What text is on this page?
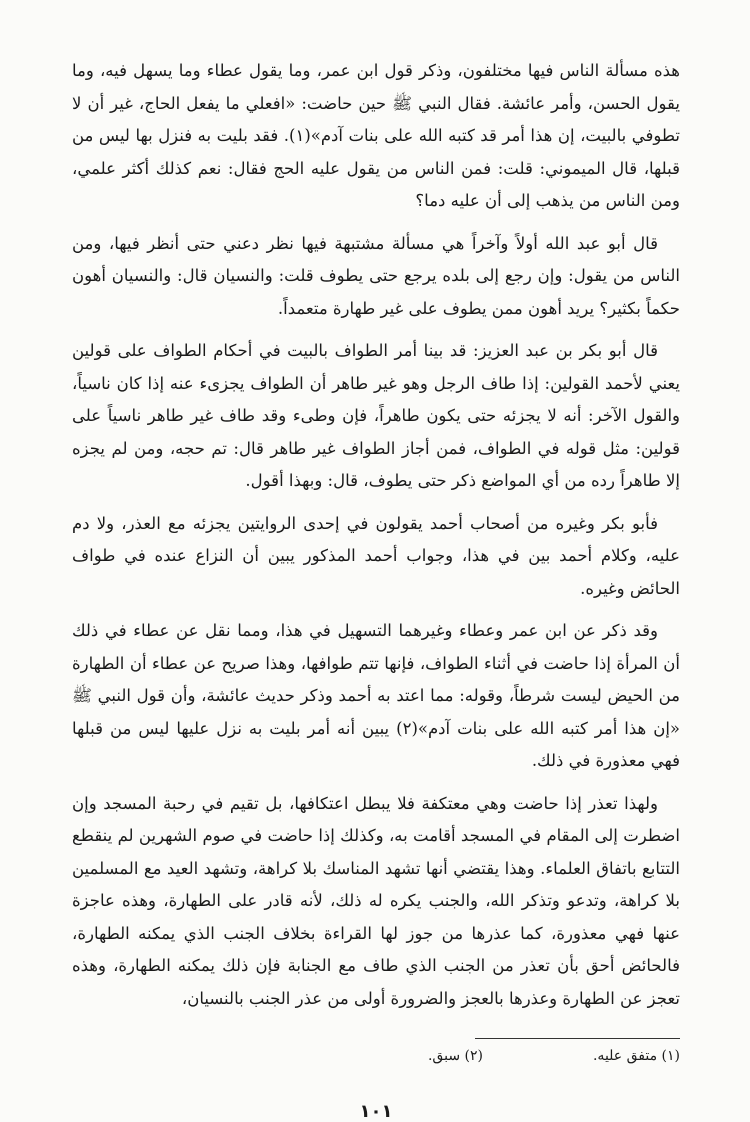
هذه مسألة الناس فيها مختلفون، وذكر قول ابن عمر، وما يقول عطاء وما يسهل فيه، وما يقول الحسن، وأمر عائشة. فقال النبي ﷺ حين حاضت: «افعلي ما يفعل الحاج، غير أن لا تطوفي بالبيت، إن هذا أمر قد كتبه الله على بنات آدم»(١). فقد بليت به فنزل بها ليس من قبلها، قال الميموني: قلت: فمن الناس من يقول عليه الحج فقال: نعم كذلك أكثر علمي، ومن الناس من يذهب إلى أن عليه دما؟

قال أبو عبد الله أولاً وآخراً هي مسألة مشتبهة فيها نظر دعني حتى أنظر فيها، ومن الناس من يقول: وإن رجع إلى بلده يرجع حتى يطوف قلت: والنسيان قال: والنسيان أهون حكماً بكثير؟ يريد أهون ممن يطوف على غير طهارة متعمداً.

قال أبو بكر بن عبد العزيز: قد بينا أمر الطواف بالبيت في أحكام الطواف على قولين يعني لأحمد القولين: إذا طاف الرجل وهو غير طاهر أن الطواف يجزىء عنه إذا كان ناسياً، والقول الآخر: أنه لا يجزئه حتى يكون طاهراً، فإن وطىء وقد طاف غير طاهر ناسياً على قولين: مثل قوله في الطواف، فمن أجاز الطواف غير طاهر قال: تم حجه، ومن لم يجزه إلا طاهراً رده من أي المواضع ذكر حتى يطوف، قال: وبهذا أقول.

فأبو بكر وغيره من أصحاب أحمد يقولون في إحدى الروايتين يجزئه مع العذر، ولا دم عليه، وكلام أحمد بين في هذا، وجواب أحمد المذكور يبين أن النزاع عنده في طواف الحائض وغيره.

وقد ذكر عن ابن عمر وعطاء وغيرهما التسهيل في هذا، ومما نقل عن عطاء في ذلك أن المرأة إذا حاضت في أثناء الطواف، فإنها تتم طوافها، وهذا صريح عن عطاء أن الطهارة من الحيض ليست شرطاً، وقوله: مما اعتد به أحمد وذكر حديث عائشة، وأن قول النبي ﷺ «إن هذا أمر كتبه الله على بنات آدم»(٢) يبين أنه أمر بليت به نزل عليها ليس من قبلها فهي معذورة في ذلك.

ولهذا تعذر إذا حاضت وهي معتكفة فلا يبطل اعتكافها، بل تقيم في رحبة المسجد وإن اضطرت إلى المقام في المسجد أقامت به، وكذلك إذا حاضت في صوم الشهرين لم ينقطع التتابع باتفاق العلماء. وهذا يقتضي أنها تشهد المناسك بلا كراهة، وتشهد العيد مع المسلمين بلا كراهة، وتدعو وتذكر الله، والجنب يكره له ذلك، لأنه قادر على الطهارة، وهذه عاجزة عنها فهي معذورة، كما عذرها من جوز لها القراءة بخلاف الجنب الذي يمكنه الطهارة، فالحائض أحق بأن تعذر من الجنب الذي طاف مع الجنابة فإن ذلك يمكنه الطهارة، وهذه تعجز عن الطهارة وعذرها بالعجز والضرورة أولى من عذر الجنب بالنسيان،

(١) متفق عليه.
(٢) سبق.
١٠١
